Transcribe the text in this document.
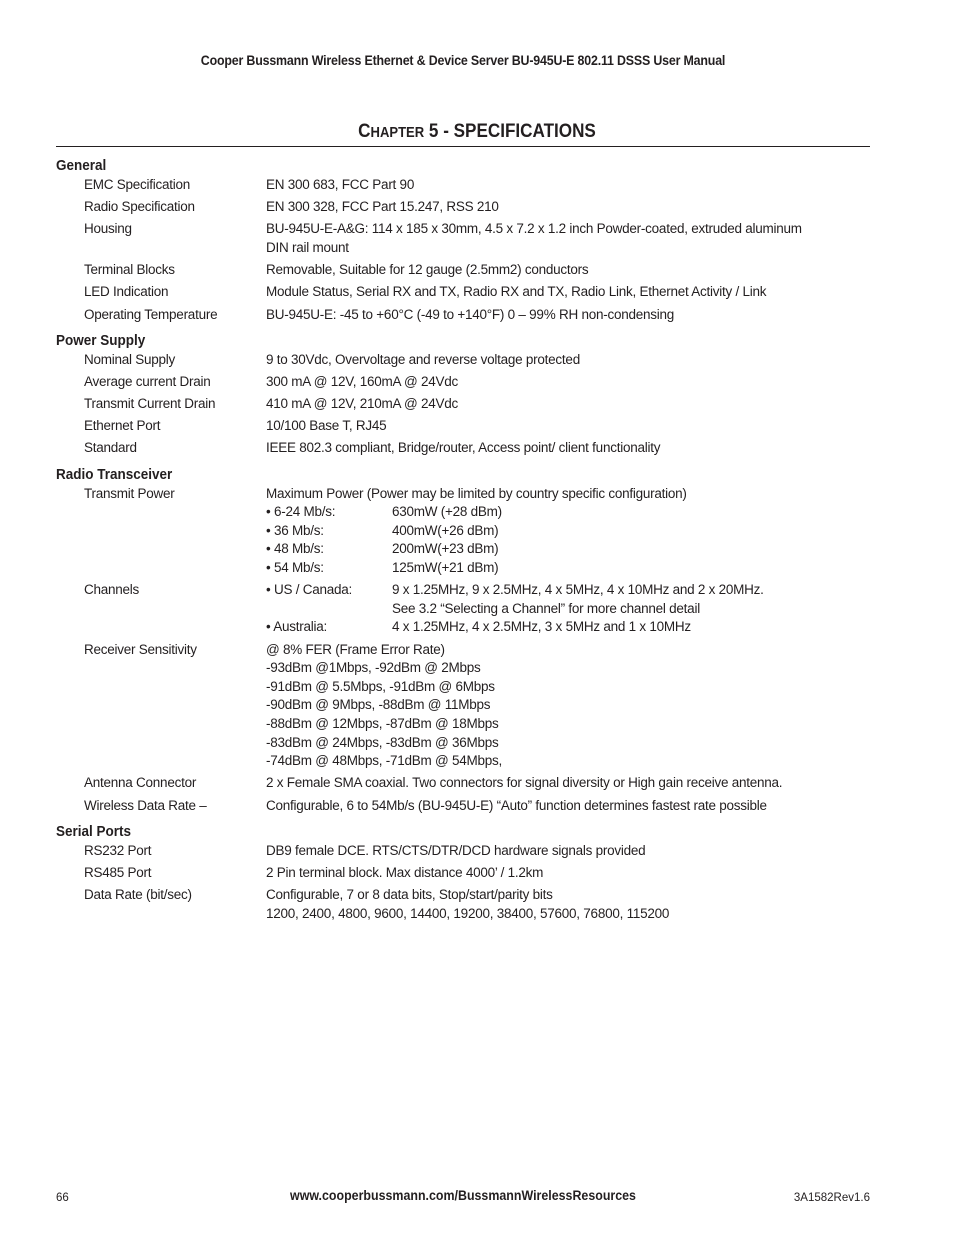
Cooper Bussmann Wireless Ethernet & Device Server BU-945U-E 802.11 DSSS User Manual
CHAPTER 5 - SPECIFICATIONS
General
EMC Specification	EN 300 683, FCC Part 90
Radio Specification	EN 300 328, FCC Part 15.247, RSS 210
Housing	BU-945U-E-A&G: 114 x 185 x 30mm, 4.5 x 7.2 x 1.2 inch Powder-coated, extruded aluminum
DIN rail mount
Terminal Blocks	Removable, Suitable for 12 gauge (2.5mm2) conductors
LED Indication	Module Status, Serial RX and TX, Radio RX and TX, Radio Link, Ethernet Activity / Link
Operating Temperature	BU-945U-E: -45 to +60°C (-49 to +140°F) 0 – 99% RH non-condensing
Power Supply
Nominal Supply	9 to 30Vdc, Overvoltage and reverse voltage protected
Average current Drain	300 mA @ 12V, 160mA @ 24Vdc
Transmit Current Drain	410 mA @ 12V, 210mA @ 24Vdc
Ethernet Port	10/100 Base T, RJ45
Standard	IEEE 802.3 compliant, Bridge/router, Access point/ client functionality
Radio Transceiver
Transmit Power	Maximum Power (Power may be limited by country specific configuration)
• 6-24 Mb/s:	630mW (+28 dBm)
• 36 Mb/s:	400mW(+26 dBm)
• 48 Mb/s:	200mW(+23 dBm)
• 54 Mb/s:	125mW(+21 dBm)
Channels	• US / Canada:	9 x 1.25MHz, 9 x 2.5MHz, 4 x 5MHz, 4 x 10MHz and 2 x 20MHz.
See 3.2 “Selecting a Channel” for more channel detail
• Australia:	4 x 1.25MHz, 4 x 2.5MHz, 3 x 5MHz and 1 x 10MHz
Receiver Sensitivity	@ 8% FER (Frame Error Rate)
-93dBm @1Mbps, -92dBm @ 2Mbps
-91dBm @ 5.5Mbps, -91dBm @ 6Mbps
-90dBm @ 9Mbps, -88dBm @ 11Mbps
-88dBm @ 12Mbps, -87dBm @ 18Mbps
-83dBm @ 24Mbps, -83dBm @ 36Mbps
-74dBm @ 48Mbps, -71dBm @ 54Mbps,
Antenna Connector	2 x Female SMA coaxial. Two connectors for signal diversity or High gain receive antenna.
Wireless Data Rate –	Configurable, 6 to 54Mb/s (BU-945U-E) “Auto” function determines fastest rate possible
Serial Ports
RS232 Port	DB9 female DCE. RTS/CTS/DTR/DCD hardware signals provided
RS485 Port	2 Pin terminal block. Max distance 4000’ / 1.2km
Data Rate (bit/sec)	Configurable, 7 or 8 data bits, Stop/start/parity bits
1200, 2400, 4800, 9600, 14400, 19200, 38400, 57600, 76800, 115200
66	www.cooperbussmann.com/BussmannWirelessResources	3A1582Rev1.6
